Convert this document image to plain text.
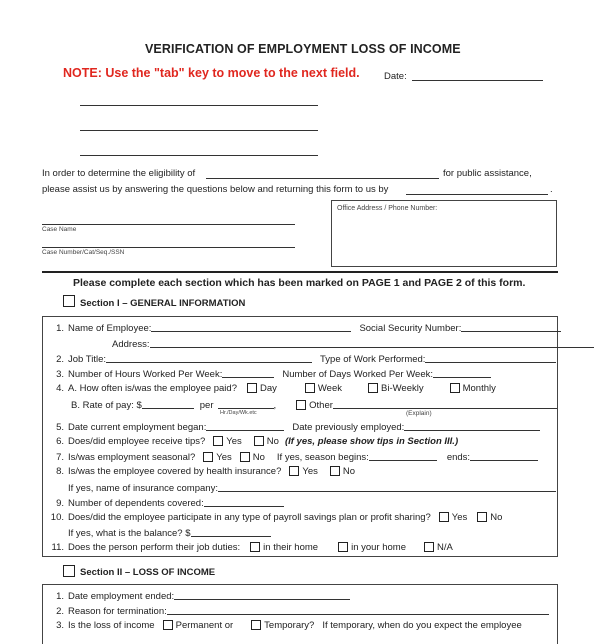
VERIFICATION OF EMPLOYMENT LOSS OF INCOME
NOTE: Use the "tab" key to move to the next field.	Date:
In order to determine the eligibility of	for public assistance,
please assist us by answering the questions below and returning this form to us by	.
Case Name
Case Number/Cat/Seq./SSN
Office Address / Phone Number:
Please complete each section which has been marked on PAGE 1 and PAGE 2 of this form.
Section I – GENERAL INFORMATION
1. Name of Employee:	Social Security Number:
Address:
2. Job Title:	Type of Work Performed:
3. Number of Hours Worked Per Week:	Number of Days Worked Per Week:
4. A. How often is/was the employee paid? Day	Week	Bi-Weekly	Monthly
B. Rate of pay: $	per	,	Other
Hr./Day/Wk.etc	(Explain)
5. Date current employment began:	Date previously employed:
6. Does/did employee receive tips? Yes	No (If yes, please show tips in Section III.)
7. Is/was employment seasonal? Yes No If yes, season begins:	ends:
8. Is/was the employee covered by health insurance? Yes	No
If yes, name of insurance company:
9. Number of dependents covered:
10. Does/did the employee participate in any type of payroll savings plan or profit sharing? Yes No
If yes, what is the balance? $
11. Does the person perform their job duties: in their home	in your home	N/A
Section II – LOSS OF INCOME
1. Date employment ended:
2. Reason for termination:
3. Is the loss of income Permanent or	Temporary? If temporary, when do you expect the employee
